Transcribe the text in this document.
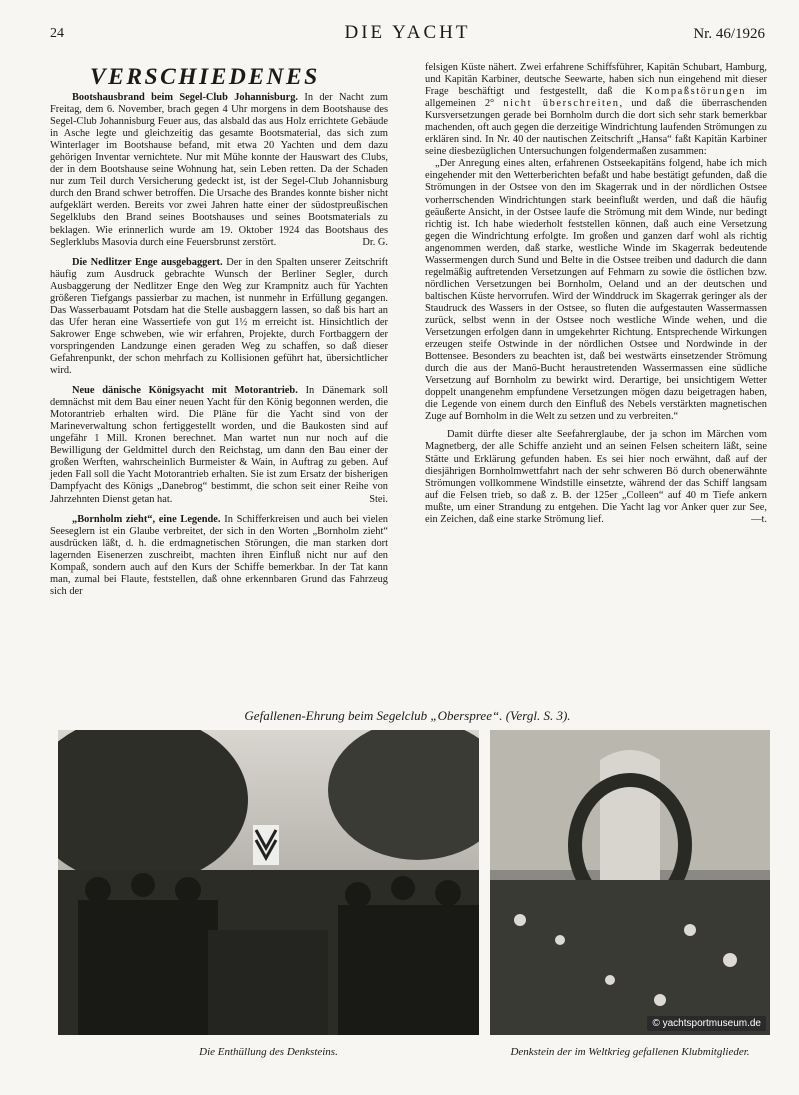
24	DIE YACHT	Nr. 46/1926
VERSCHIEDENES

Bootshausbrand beim Segel-Club Johannisburg. In der Nacht zum Freitag, dem 6. November, brach gegen 4 Uhr morgens in dem Bootshause des Segel-Club Johannisburg Feuer aus, das alsbald das aus Holz errichtete Gebäude in Asche legte und gleichzeitig das gesamte Bootsmaterial, das sich zum Winterlager im Bootshause befand, mit etwa 20 Yachten und dem dazu gehörigen Inventar vernichtete. Nur mit Mühe konnte der Hauswart des Clubs, der in dem Bootshause seine Wohnung hat, sein Leben retten. Da der Schaden nur zum Teil durch Versicherung gedeckt ist, ist der Segel-Club Johannisburg durch den Brand schwer betroffen. Die Ursache des Brandes konnte bisher nicht aufgeklärt werden. Bereits vor zwei Jahren hatte einer der südostpreußischen Segelklubs den Brand seines Bootshauses und seines Bootsmaterials zu beklagen. Wie erinnerlich wurde am 19. Oktober 1924 das Bootshaus des Seglerklubs Masovia durch eine Feuersbrunst zerstört.	Dr. G.

Die Nedlitzer Enge ausgebaggert. Der in den Spalten unserer Zeitschrift häufig zum Ausdruck gebrachte Wunsch der Berliner Segler, durch Ausbaggerung der Nedlitzer Enge den Weg zur Krampnitz auch für Yachten größeren Tiefgangs passierbar zu machen, ist nunmehr in Erfüllung gegangen. Das Wasserbauamt Potsdam hat die Stelle ausbaggern lassen, so daß bis hart an das Ufer heran eine Wassertiefe von gut 1½ m erreicht ist. Hinsichtlich der Sakrower Enge schweben, wie wir erfahren, Projekte, durch Fortbaggern der vorspringenden Landzunge einen geraden Weg zu schaffen, so daß dieser Gefahrenpunkt, der schon mehrfach zu Kollisionen geführt hat, übersichtlicher wird.

Neue dänische Königsyacht mit Motorantrieb. In Dänemark soll demnächst mit dem Bau einer neuen Yacht für den König begonnen werden, die Motorantrieb erhalten wird. Die Pläne für die Yacht sind von der Marineverwaltung schon fertiggestellt worden, und die Baukosten sind auf ungefähr 1 Mill. Kronen berechnet. Man wartet nun nur noch auf die Bewilligung der Geldmittel durch den Reichstag, um dann den Bau einer der großen Werften, wahrscheinlich Burmeister & Wain, in Auftrag zu geben. Auf jeden Fall soll die Yacht Motorantrieb erhalten. Sie ist zum Ersatz der bisherigen Dampfyacht des Königs „Danebrog“ bestimmt, die schon seit einer Reihe von Jahrzehnten Dienst getan hat.	Stei.

„Bornholm zieht“, eine Legende. In Schifferkreisen und auch bei vielen Seeseglern ist ein Glaube verbreitet, der sich in den Worten „Bornholm zieht“ ausdrücken läßt, d. h. die erdmagnetischen Störungen, die man starken dort lagernden Eisenerzen zuschreibt, machten ihren Einfluß nicht nur auf den Kompaß, sondern auch auf den Kurs der Schiffe bemerkbar. In der Tat kann man, zumal bei Flaute, feststellen, daß ohne erkennbaren Grund das Fahrzeug sich der

felsigen Küste nähert. Zwei erfahrene Schiffsführer, Kapitän Schubart, Hamburg, und Kapitän Karbiner, deutsche Seewarte, haben sich nun eingehend mit dieser Frage beschäftigt und festgestellt, daß die Kompaßstörungen im allgemeinen 2° nicht überschreiten, und daß die überraschenden Kursversetzungen gerade bei Bornholm durch die dort sich sehr stark bemerkbar machenden, oft auch gegen die derzeitige Windrichtung laufenden Strömungen zu erklären sind. In Nr. 40 der nautischen Zeitschrift „Hansa“ faßt Kapitän Karbiner seine diesbezüglichen Untersuchungen folgendermaßen zusammen:

„Der Anregung eines alten, erfahrenen Ostseekapitäns folgend, habe ich mich eingehender mit den Wetterberichten befaßt und habe bestätigt gefunden, daß die Strömungen in der Ostsee von den im Skagerrak und in der nördlichen Ostsee vorherrschenden Windrichtungen stark beeinflußt werden, und daß die häufig geäußerte Ansicht, in der Ostsee laufe die Strömung mit dem Winde, nur bedingt richtig ist. Ich habe wiederholt feststellen können, daß auch eine Versetzung gegen die Windrichtung erfolgte. Im großen und ganzen darf wohl als richtig angenommen werden, daß starke, westliche Winde im Skagerrak bedeutende Wassermengen durch Sund und Belte in die Ostsee treiben und dadurch die dann regelmäßig auftretenden Versetzungen auf Fehmarn zu sowie die östlichen bzw. nördlichen Versetzungen bei Bornholm, Oeland und an der deutschen und baltischen Küste hervorrufen. Wird der Winddruck im Skagerrak geringer als der Staudruck des Wassers in der Ostsee, so fluten die aufgestauten Wassermassen zurück, selbst wenn in der Ostsee noch westliche Winde wehen, und die Versetzungen erfolgen dann in umgekehrter Richtung. Entsprechende Wirkungen erzeugen steife Ostwinde in der nördlichen Ostsee und Nordwinde in der Bottensee. Besonders zu beachten ist, daß bei westwärts einsetzender Strömung durch die aus der Manö-Bucht heraustretenden Wassermassen eine südliche Versetzung auf Bornholm zu bewirkt wird. Derartige, bei unsichtigem Wetter doppelt unangenehm empfundene Versetzungen mögen dazu beigetragen haben, die Legende von einem durch den Einfluß des Nebels verstärkten magnetischen Zuge auf Bornholm in die Welt zu setzen und zu verbreiten.“

Damit dürfte dieser alte Seefahrerglaube, der ja schon im Märchen vom Magnetberg, der alle Schiffe anzieht und an seinen Felsen scheitern läßt, seine Stätte und Erklärung gefunden haben. Es sei hier noch erwähnt, daß auf der diesjährigen Bornholmwettfahrt nach der sehr schweren Bö durch obenerwähnte Strömungen vollkommene Windstille einsetzte, während der das Schiff langsam auf die Felsen trieb, so daß z. B. der 125er „Colleen“ auf 40 m Tiefe ankern mußte, um einer Strandung zu entgehen. Die Yacht lag vor Anker quer zur See, ein Zeichen, daß eine starke Strömung lief.	—t.

Gefallenen-Ehrung beim Segelclub „Oberspree“. (Vergl. S. 3).
© yachtsportmuseum.de
Die Enthüllung des Denksteins.	Denkstein der im Weltkrieg gefallenen Klubmitglieder.
